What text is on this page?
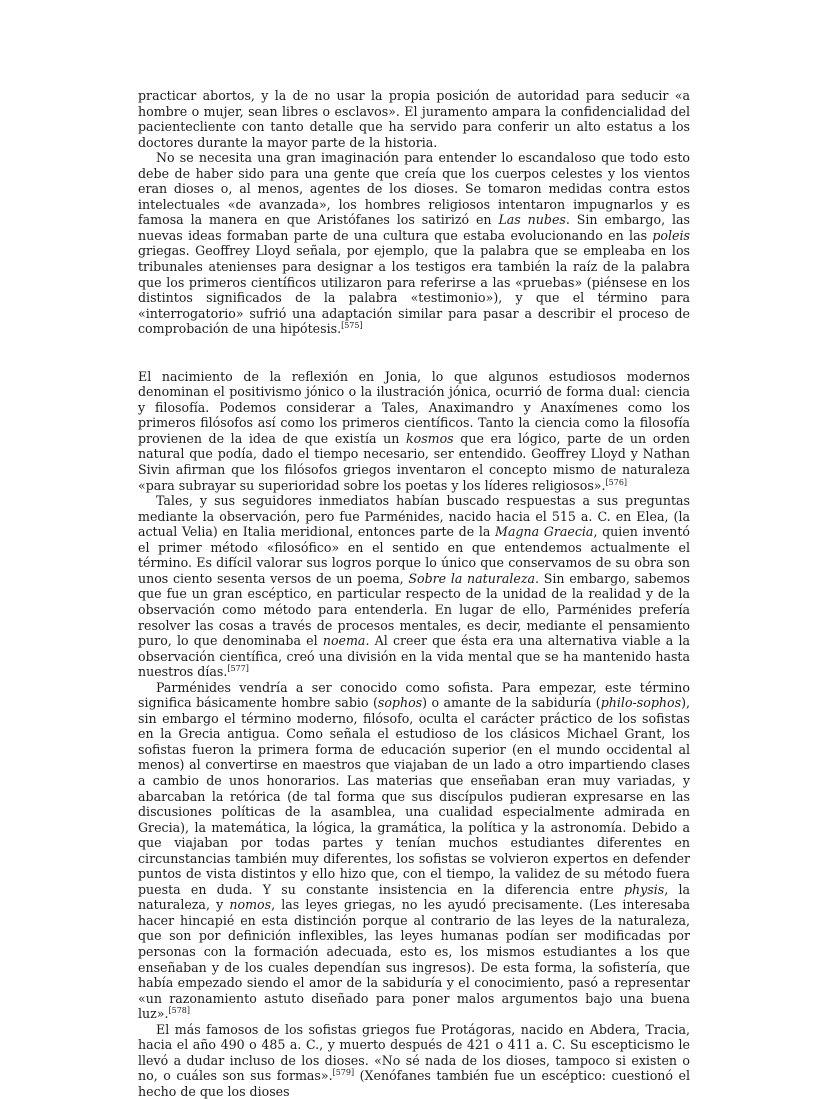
practicar abortos, y la de no usar la propia posición de autoridad para seducir «a hombre o mujer, sean libres o esclavos». El juramento ampara la confidencialidad del pacientecliente con tanto detalle que ha servido para conferir un alto estatus a los doctores durante la mayor parte de la historia.

No se necesita una gran imaginación para entender lo escandaloso que todo esto debe de haber sido para una gente que creía que los cuerpos celestes y los vientos eran dioses o, al menos, agentes de los dioses. Se tomaron medidas contra estos intelectuales «de avanzada», los hombres religiosos intentaron impugnarlos y es famosa la manera en que Aristófanes los satirizó en Las nubes. Sin embargo, las nuevas ideas formaban parte de una cultura que estaba evolucionando en las poleis griegas. Geoffrey Lloyd señala, por ejemplo, que la palabra que se empleaba en los tribunales atenienses para designar a los testigos era también la raíz de la palabra que los primeros científicos utilizaron para referirse a las «pruebas» (piénsese en los distintos significados de la palabra «testimonio»), y que el término para «interrogatorio» sufrió una adaptación similar para pasar a describir el proceso de comprobación de una hipótesis.[575]

El nacimiento de la reflexión en Jonia, lo que algunos estudiosos modernos denominan el positivismo jónico o la ilustración jónica, ocurrió de forma dual: ciencia y filosofía. Podemos considerar a Tales, Anaximandro y Anaxímenes como los primeros filósofos así como los primeros científicos. Tanto la ciencia como la filosofía provienen de la idea de que existía un kosmos que era lógico, parte de un orden natural que podía, dado el tiempo necesario, ser entendido. Geoffrey Lloyd y Nathan Sivin afirman que los filósofos griegos inventaron el concepto mismo de naturaleza «para subrayar su superioridad sobre los poetas y los líderes religiosos».[576]

Tales, y sus seguidores inmediatos habían buscado respuestas a sus preguntas mediante la observación, pero fue Parménides, nacido hacia el 515 a. C. en Elea, (la actual Velia) en Italia meridional, entonces parte de la Magna Graecia, quien inventó el primer método «filosófico» en el sentido en que entendemos actualmente el término. Es difícil valorar sus logros porque lo único que conservamos de su obra son unos ciento sesenta versos de un poema, Sobre la naturaleza. Sin embargo, sabemos que fue un gran escéptico, en particular respecto de la unidad de la realidad y de la observación como método para entenderla. En lugar de ello, Parménides prefería resolver las cosas a través de procesos mentales, es decir, mediante el pensamiento puro, lo que denominaba el noema. Al creer que ésta era una alternativa viable a la observación científica, creó una división en la vida mental que se ha mantenido hasta nuestros días.[577]

Parménides vendría a ser conocido como sofista. Para empezar, este término significa básicamente hombre sabio (sophos) o amante de la sabiduría (philo-sophos), sin embargo el término moderno, filósofo, oculta el carácter práctico de los sofistas en la Grecia antigua. Como señala el estudioso de los clásicos Michael Grant, los sofistas fueron la primera forma de educación superior (en el mundo occidental al menos) al convertirse en maestros que viajaban de un lado a otro impartiendo clases a cambio de unos honorarios. Las materias que enseñaban eran muy variadas, y abarcaban la retórica (de tal forma que sus discípulos pudieran expresarse en las discusiones políticas de la asamblea, una cualidad especialmente admirada en Grecia), la matemática, la lógica, la gramática, la política y la astronomía. Debido a que viajaban por todas partes y tenían muchos estudiantes diferentes en circunstancias también muy diferentes, los sofistas se volvieron expertos en defender puntos de vista distintos y ello hizo que, con el tiempo, la validez de su método fuera puesta en duda. Y su constante insistencia en la diferencia entre physis, la naturaleza, y nomos, las leyes griegas, no les ayudó precisamente. (Les interesaba hacer hincapié en esta distinción porque al contrario de las leyes de la naturaleza, que son por definición inflexibles, las leyes humanas podían ser modificadas por personas con la formación adecuada, esto es, los mismos estudiantes a los que enseñaban y de los cuales dependían sus ingresos). De esta forma, la sofistería, que había empezado siendo el amor de la sabiduría y el conocimiento, pasó a representar «un razonamiento astuto diseñado para poner malos argumentos bajo una buena luz».[578]

El más famosos de los sofistas griegos fue Protágoras, nacido en Abdera, Tracia, hacia el año 490 o 485 a. C., y muerto después de 421 o 411 a. C. Su escepticismo le llevó a dudar incluso de los dioses. «No sé nada de los dioses, tampoco si existen o no, o cuáles son sus formas».[579] (Xenófanes también fue un escéptico: cuestionó el hecho de que los dioses
